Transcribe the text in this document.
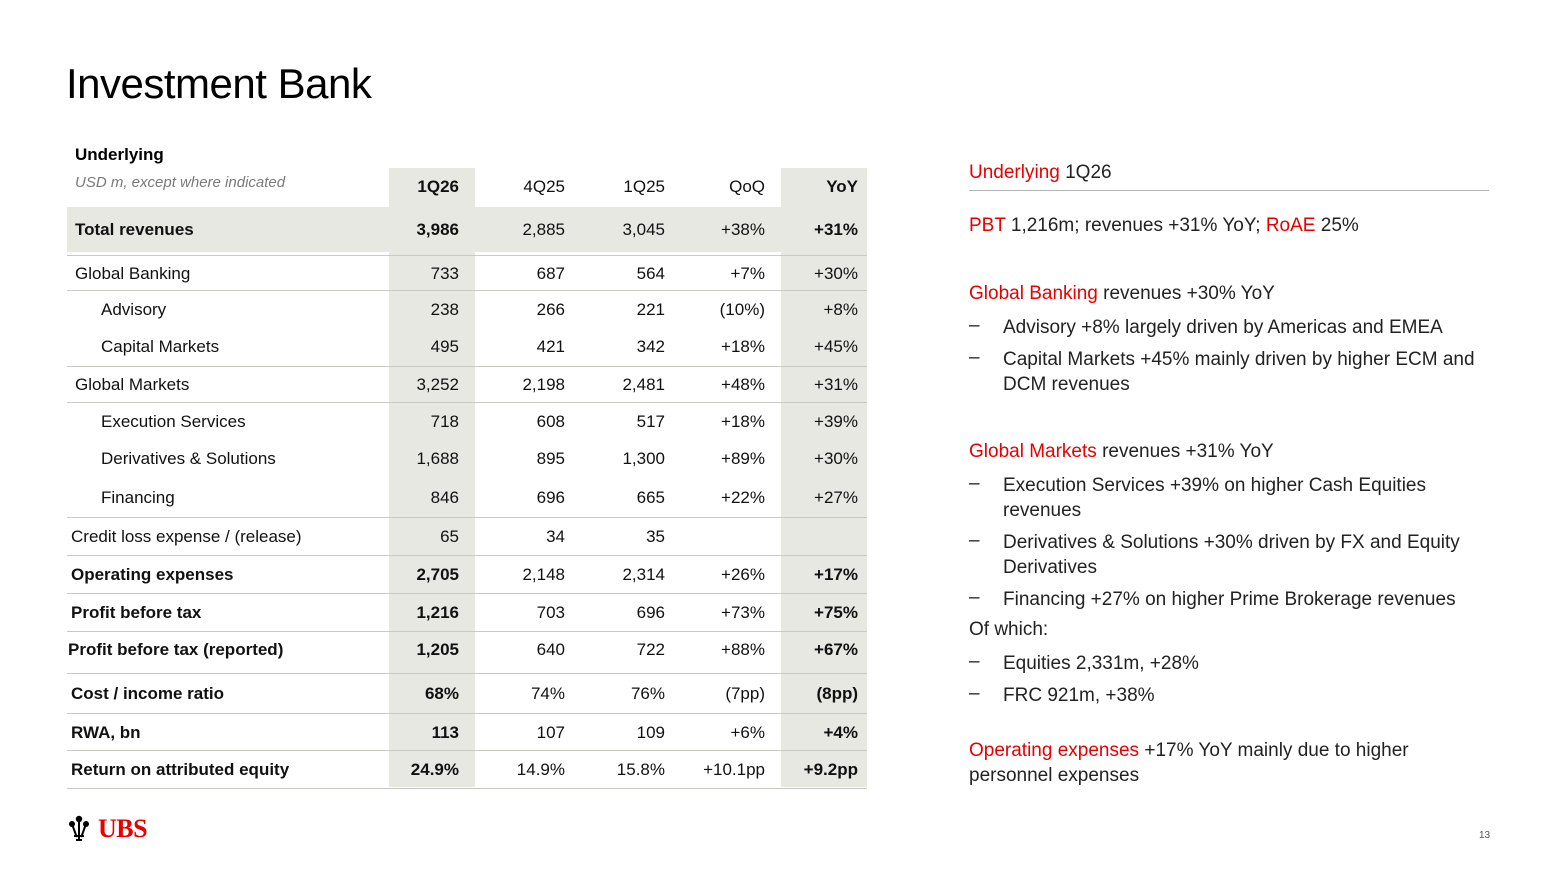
Investment Bank
Underlying
USD m, except where indicated	1Q26	4Q25	1Q25	QoQ	YoY
Total revenues	3,986	2,885	3,045	+38%	+31%
Global Banking	733	687	564	+7%	+30%
Advisory	238	266	221	(10%)	+8%
Capital Markets	495	421	342	+18%	+45%
Global Markets	3,252	2,198	2,481	+48%	+31%
Execution Services	718	608	517	+18%	+39%
Derivatives & Solutions	1,688	895	1,300	+89%	+30%
Financing	846	696	665	+22%	+27%
Credit loss expense / (release)	65	34	35
Operating expenses	2,705	2,148	2,314	+26%	+17%
Profit before tax	1,216	703	696	+73%	+75%
Profit before tax (reported)	1,205	640	722	+88%	+67%
Cost / income ratio	68%	74%	76%	(7pp)	(8pp)
RWA, bn	113	107	109	+6%	+4%
Return on attributed equity	24.9%	14.9%	15.8%	+10.1pp	+9.2pp
Underlying 1Q26
PBT 1,216m; revenues +31% YoY; RoAE 25%
Global Banking revenues +30% YoY
– Advisory +8% largely driven by Americas and EMEA
– Capital Markets +45% mainly driven by higher ECM and DCM revenues
Global Markets revenues +31% YoY
– Execution Services +39% on higher Cash Equities revenues
– Derivatives & Solutions +30% driven by FX and Equity Derivatives
– Financing +27% on higher Prime Brokerage revenues
Of which:
– Equities 2,331m, +28%
– FRC 921m, +38%
Operating expenses +17% YoY mainly due to higher personnel expenses
UBS	13
